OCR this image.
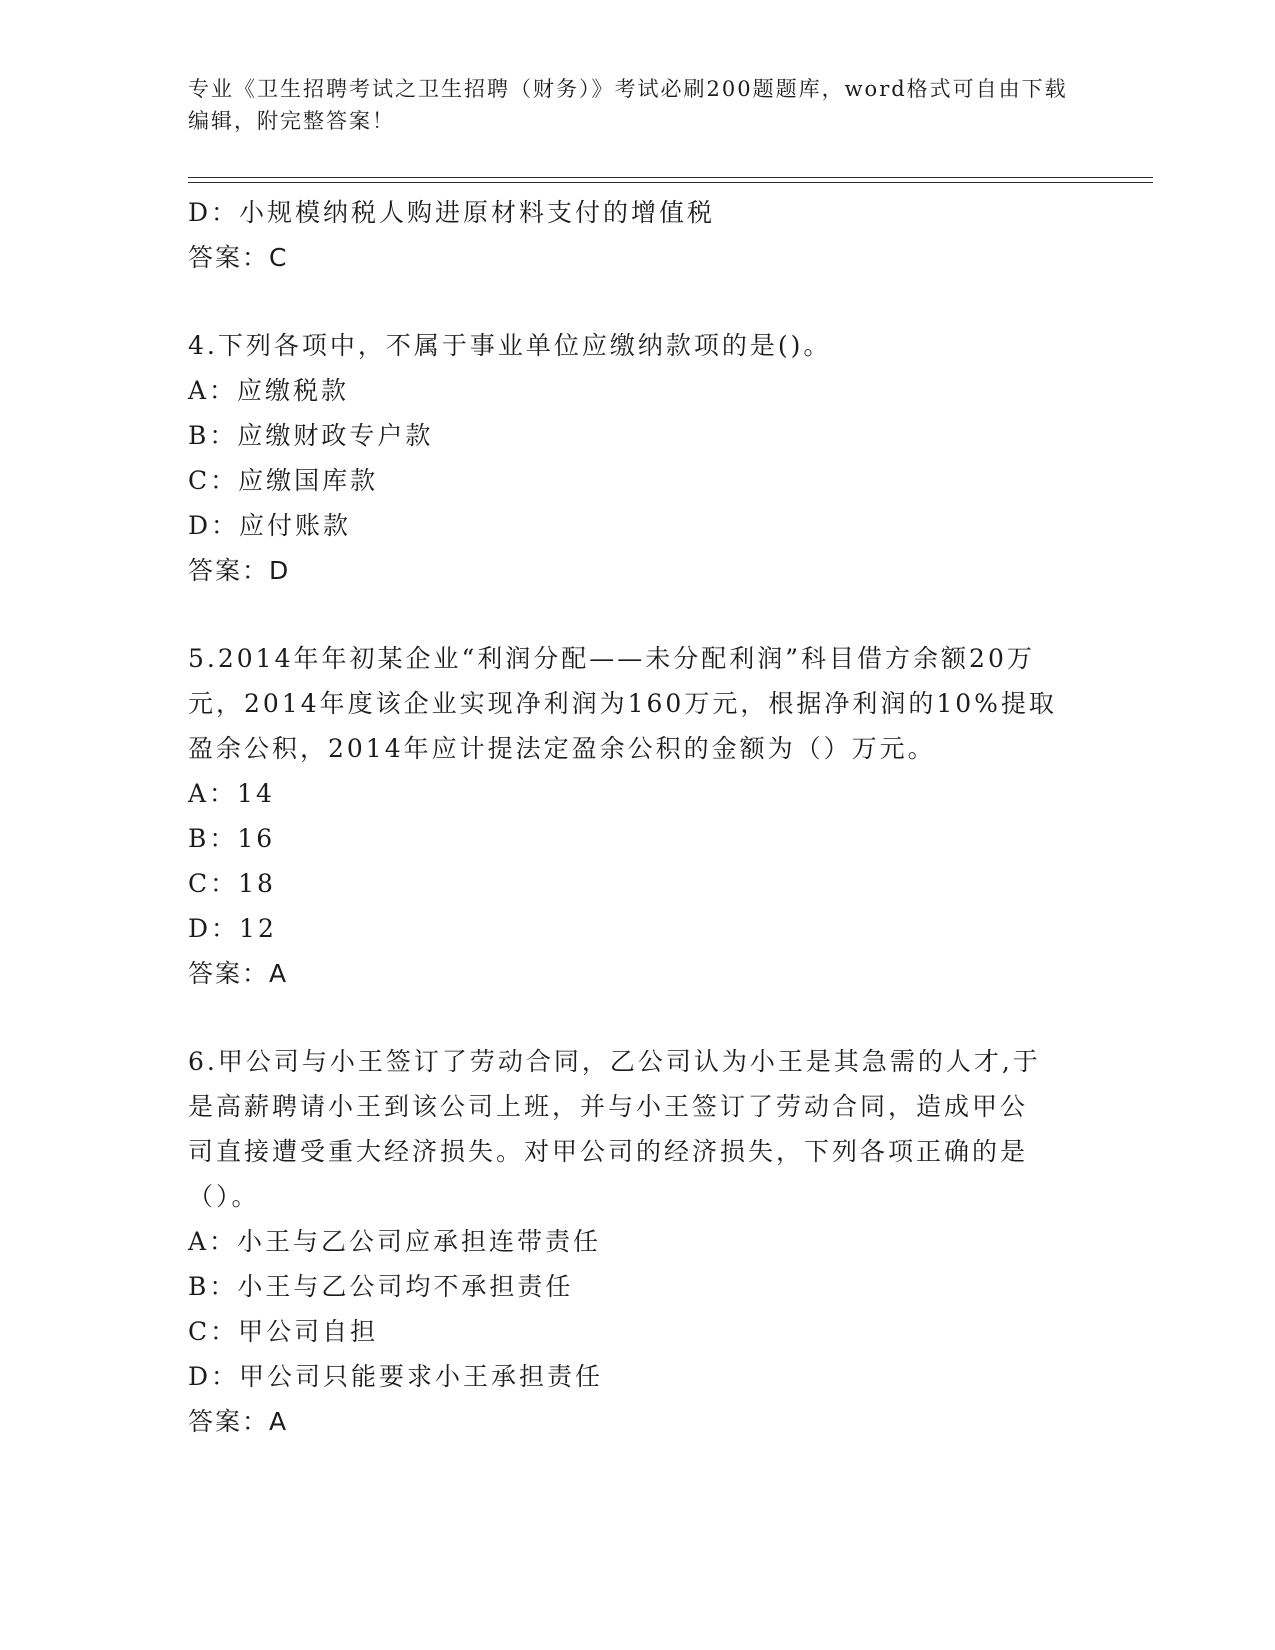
专业《卫生招聘考试之卫生招聘（财务）》考试必刷200题题库，word格式可自由下载编辑，附完整答案！

D：小规模纳税人购进原材料支付的增值税

答案：C

4.下列各项中，不属于事业单位应缴纳款项的是()。

A：应缴税款

B：应缴财政专户款

C：应缴国库款

D：应付账款

答案：D

5.2014年年初某企业“利润分配——未分配利润”科目借方余额20万

元，2014年度该企业实现净利润为160万元，根据净利润的10%提取

盈余公积，2014年应计提法定盈余公积的金额为（）万元。

A：14

B：16

C：18

D：12

答案：A

6.甲公司与小王签订了劳动合同，乙公司认为小王是其急需的人才,于

是高薪聘请小王到该公司上班，并与小王签订了劳动合同，造成甲公

司直接遭受重大经济损失。对甲公司的经济损失，下列各项正确的是

（）。

A：小王与乙公司应承担连带责任

B：小王与乙公司均不承担责任

C：甲公司自担

D：甲公司只能要求小王承担责任

答案：A
